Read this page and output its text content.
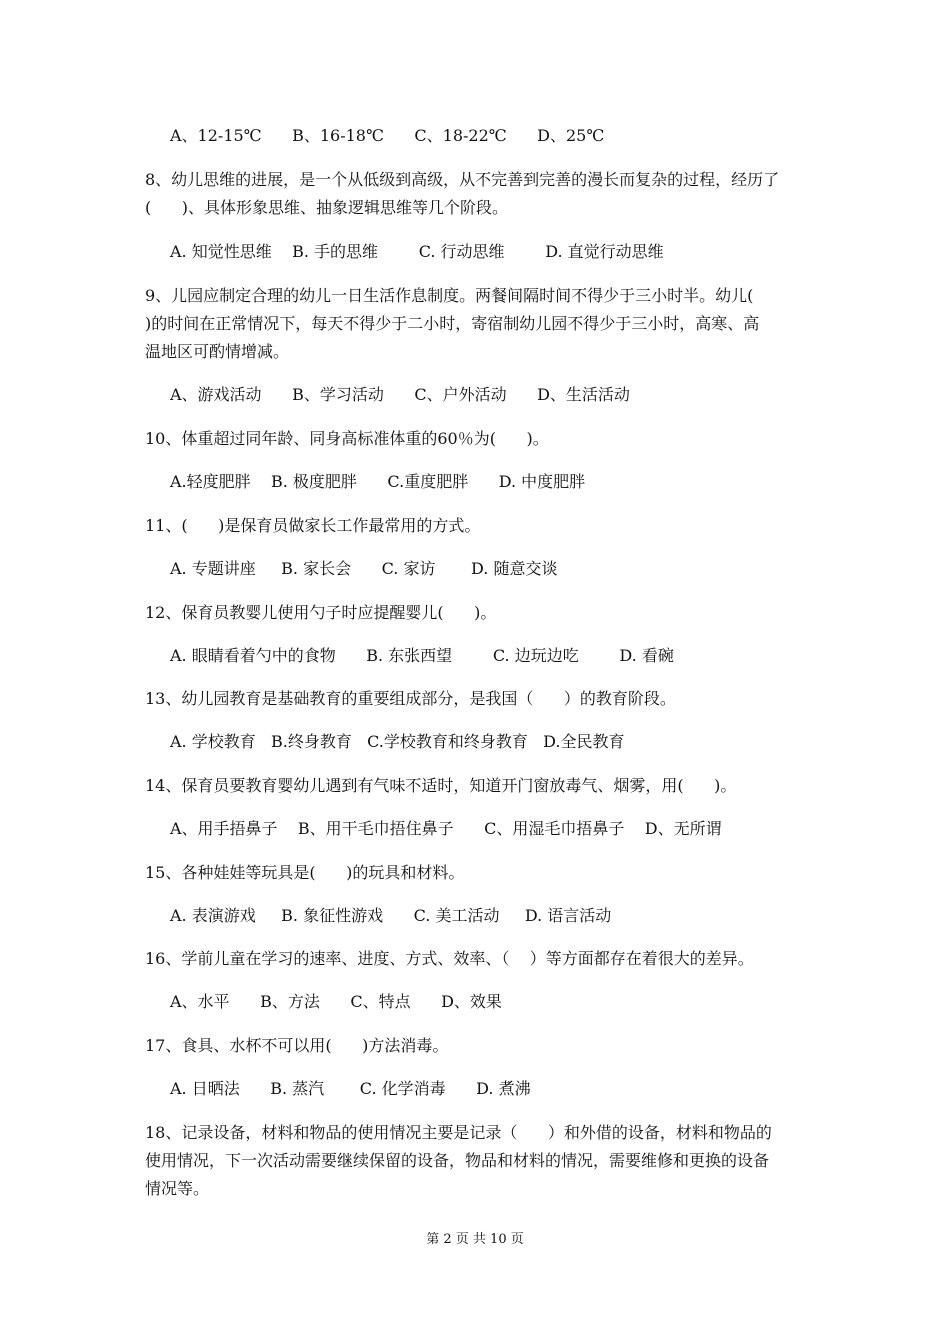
A、12-15℃      B、16-18℃      C、18-22℃      D、25℃
8、幼儿思维的进展，是一个从低级到高级，从不完善到完善的漫长而复杂的过程，经历了
(      )、具体形象思维、抽象逻辑思维等几个阶段。
A. 知觉性思维    B. 手的思维        C. 行动思维        D. 直觉行动思维
9、儿园应制定合理的幼儿一日生活作息制度。两餐间隔时间不得少于三小时半。幼儿(
)的时间在正常情况下，每天不得少于二小时，寄宿制幼儿园不得少于三小时，高寒、高
温地区可酌情增减。
A、游戏活动      B、学习活动      C、户外活动      D、生活活动
10、体重超过同年龄、同身高标准体重的60％为(      )。
A.轻度肥胖    B. 极度肥胖      C.重度肥胖      D. 中度肥胖
11、(      )是保育员做家长工作最常用的方式。
A. 专题讲座     B. 家长会      C. 家访       D. 随意交谈
12、保育员教婴儿使用勺子时应提醒婴儿(      )。
A. 眼睛看着勺中的食物      B. 东张西望        C. 边玩边吃        D. 看碗
13、幼儿园教育是基础教育的重要组成部分，是我国（      ）的教育阶段。
A. 学校教育   B.终身教育   C.学校教育和终身教育   D.全民教育
14、保育员要教育婴幼儿遇到有气味不适时，知道开门窗放毒气、烟雾，用(      )。
A、用手捂鼻子    B、用干毛巾捂住鼻子      C、用湿毛巾捂鼻子    D、无所谓
15、各种娃娃等玩具是(      )的玩具和材料。
A. 表演游戏     B. 象征性游戏      C. 美工活动     D. 语言活动
16、学前儿童在学习的速率、进度、方式、效率、（    ）等方面都存在着很大的差异。
A、水平      B、方法      C、特点      D、效果
17、食具、水杯不可以用(      )方法消毒。
A. 日晒法      B. 蒸汽       C. 化学消毒      D. 煮沸
18、记录设备，材料和物品的使用情况主要是记录（      ）和外借的设备，材料和物品的
使用情况，下一次活动需要继续保留的设备，物品和材料的情况，需要维修和更换的设备
情况等。
第 2 页 共 10 页
